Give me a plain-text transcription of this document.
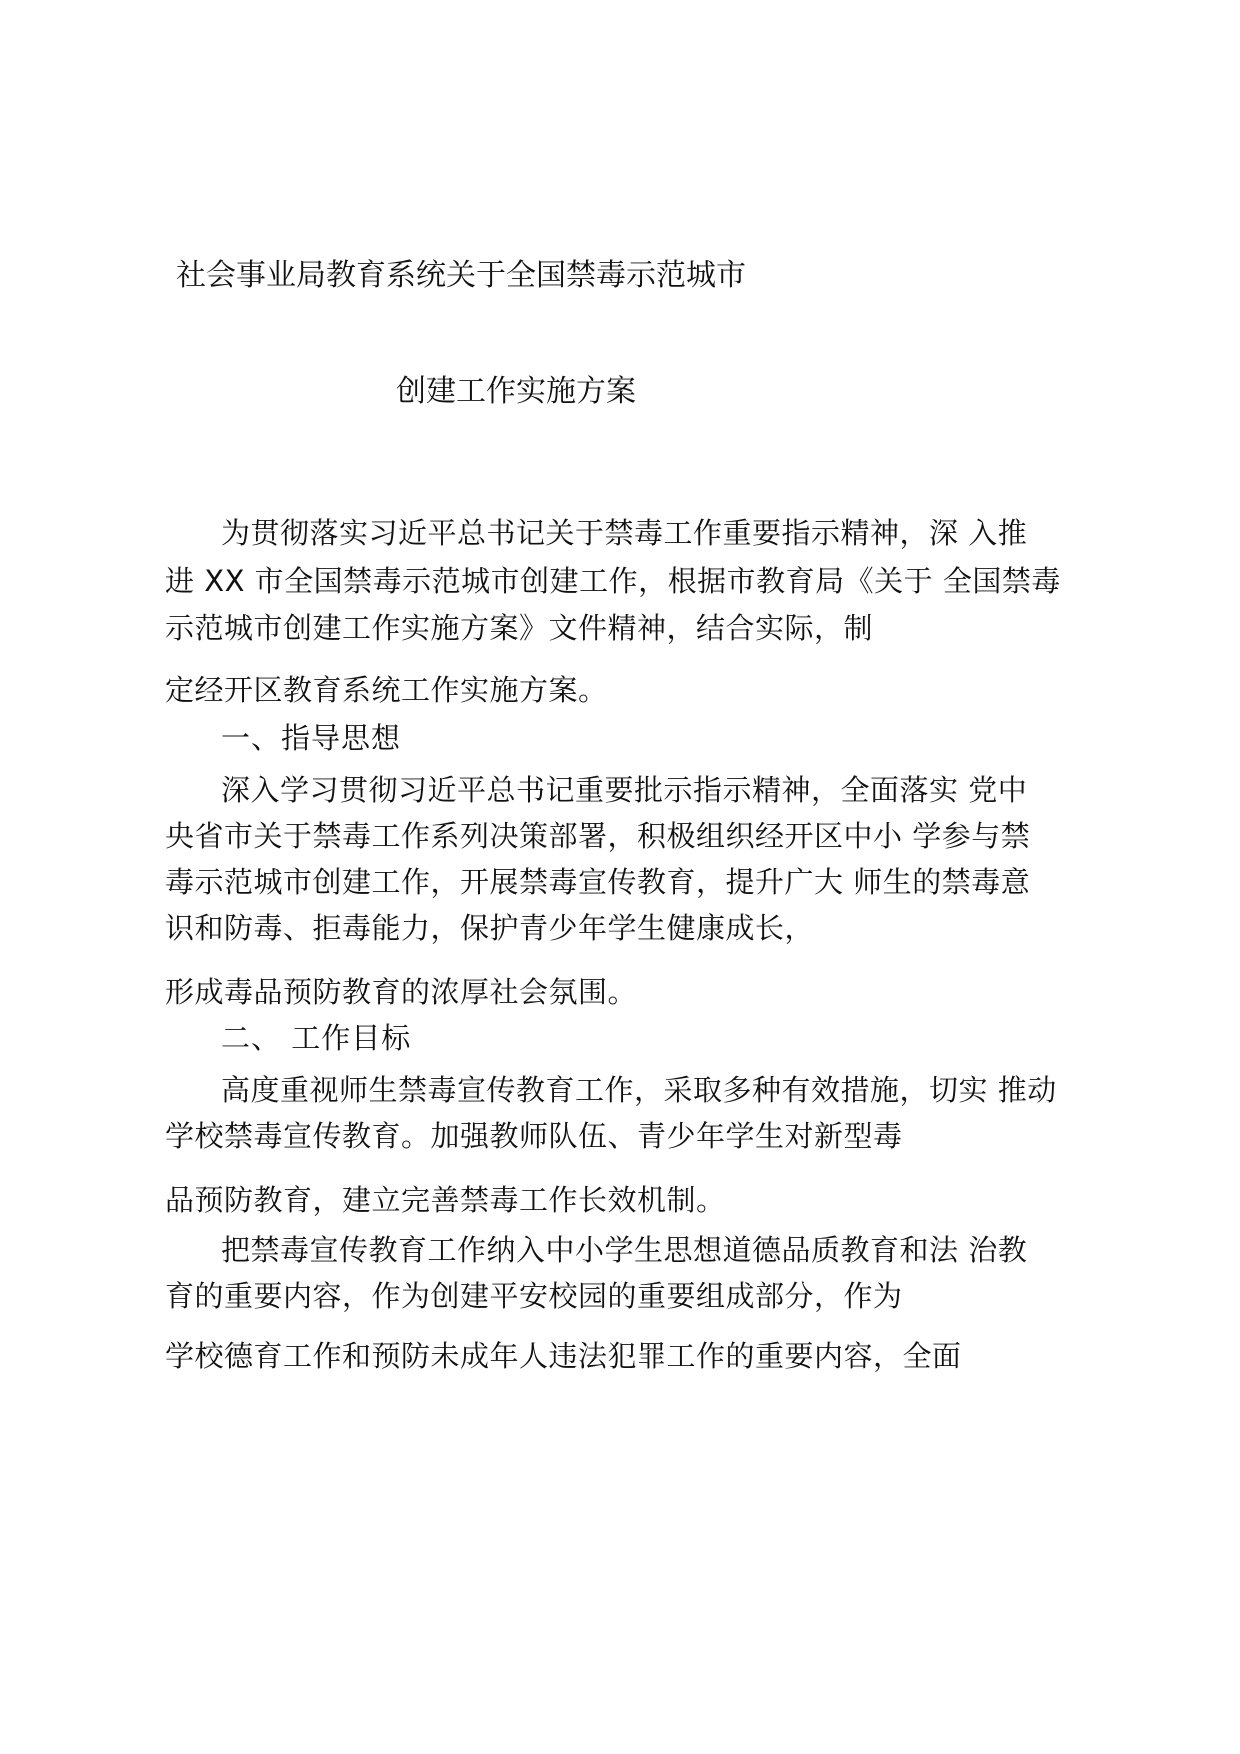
社会事业局教育系统关于全国禁毒示范城市
创建工作实施方案
为贯彻落实习近平总书记关于禁毒工作重要指示精神，深 入推
进 XX 市全国禁毒示范城市创建工作，根据市教育局《关于 全国禁毒
示范城市创建工作实施方案》文件精神，结合实际，制
定经开区教育系统工作实施方案。
一、指导思想
深入学习贯彻习近平总书记重要批示指示精神，全面落实 党中
央省市关于禁毒工作系列决策部署，积极组织经开区中小 学参与禁
毒示范城市创建工作，开展禁毒宣传教育，提升广大 师生的禁毒意
识和防毒、拒毒能力，保护青少年学生健康成长，
形成毒品预防教育的浓厚社会氛围。
二、 工作目标
高度重视师生禁毒宣传教育工作，采取多种有效措施，切实 推动
学校禁毒宣传教育。加强教师队伍、青少年学生对新型毒
品预防教育，建立完善禁毒工作长效机制。
把禁毒宣传教育工作纳入中小学生思想道德品质教育和法 治教
育的重要内容，作为创建平安校园的重要组成部分，作为
学校德育工作和预防未成年人违法犯罪工作的重要内容，全面
